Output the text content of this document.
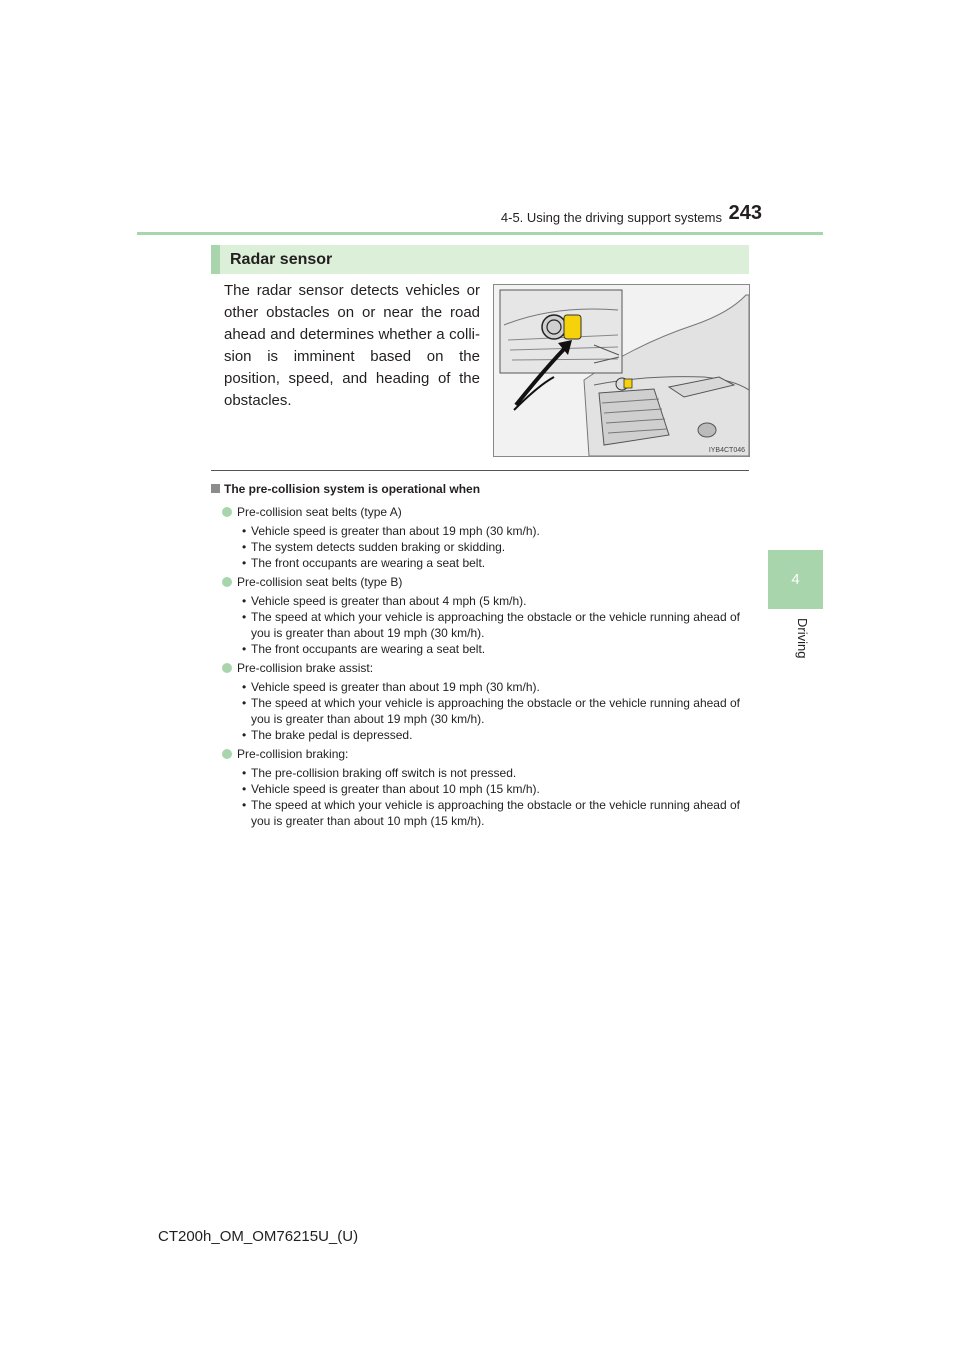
4-5. Using the driving support systems 243
4
Driving
Radar sensor
The radar sensor detects vehicles or other obstacles on or near the road ahead and determines whether a colli-sion is imminent based on the position, speed, and heading of the obstacles.
IYB4CT046
The pre-collision system is operational when
Pre-collision seat belts (type A)
• Vehicle speed is greater than about 19 mph (30 km/h).
• The system detects sudden braking or skidding.
• The front occupants are wearing a seat belt.
Pre-collision seat belts (type B)
• Vehicle speed is greater than about 4 mph (5 km/h).
• The speed at which your vehicle is approaching the obstacle or the vehicle running ahead of you is greater than about 19 mph (30 km/h).
• The front occupants are wearing a seat belt.
Pre-collision brake assist:
• Vehicle speed is greater than about 19 mph (30 km/h).
• The speed at which your vehicle is approaching the obstacle or the vehicle running ahead of you is greater than about 19 mph (30 km/h).
• The brake pedal is depressed.
Pre-collision braking:
• The pre-collision braking off switch is not pressed.
• Vehicle speed is greater than about 10 mph (15 km/h).
• The speed at which your vehicle is approaching the obstacle or the vehicle running ahead of you is greater than about 10 mph (15 km/h).
CT200h_OM_OM76215U_(U)
